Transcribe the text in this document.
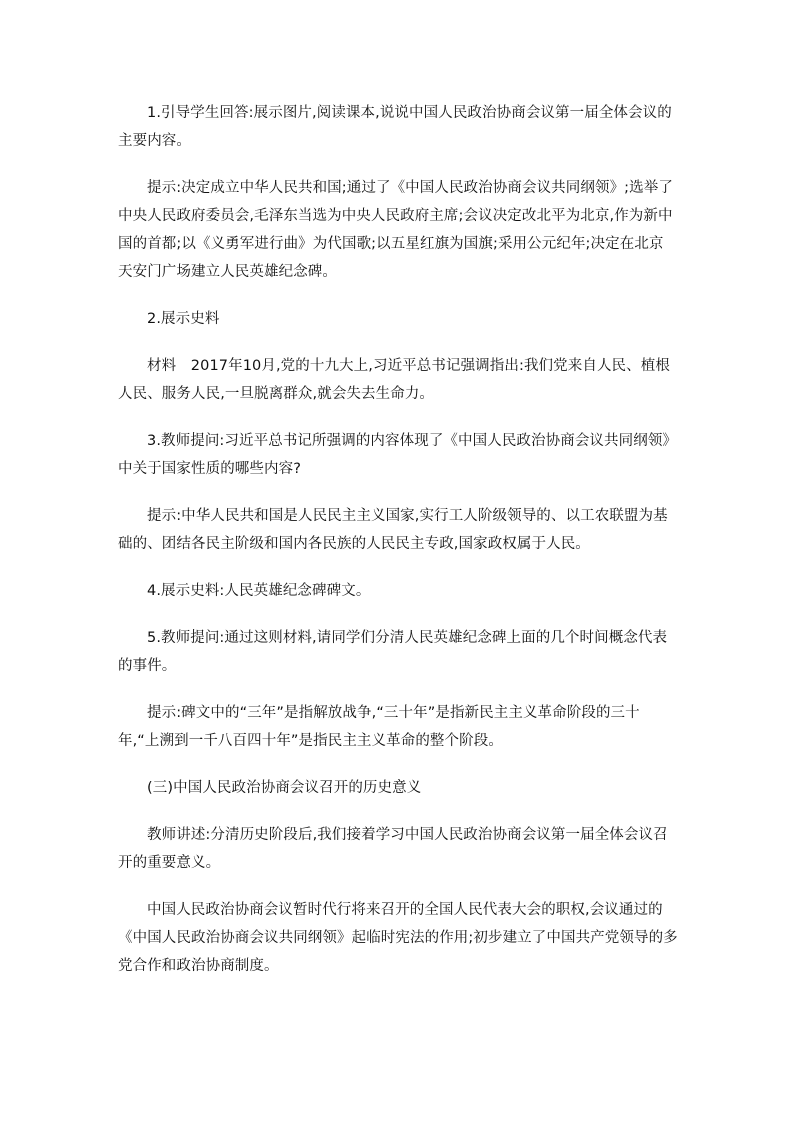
1.引导学生回答:展示图片,阅读课本,说说中国人民政治协商会议第一届全体会议的主要内容。

提示:决定成立中华人民共和国;通过了《中国人民政治协商会议共同纲领》;选举了中央人民政府委员会,毛泽东当选为中央人民政府主席;会议决定改北平为北京,作为新中国的首都;以《义勇军进行曲》为代国歌;以五星红旗为国旗;采用公元纪年;决定在北京天安门广场建立人民英雄纪念碑。

2.展示史料

材料　2017年10月,党的十九大上,习近平总书记强调指出:我们党来自人民、植根人民、服务人民,一旦脱离群众,就会失去生命力。

3.教师提问:习近平总书记所强调的内容体现了《中国人民政治协商会议共同纲领》中关于国家性质的哪些内容?

提示:中华人民共和国是人民民主主义国家,实行工人阶级领导的、以工农联盟为基础的、团结各民主阶级和国内各民族的人民民主专政,国家政权属于人民。

4.展示史料:人民英雄纪念碑碑文。

5.教师提问:通过这则材料,请同学们分清人民英雄纪念碑上面的几个时间概念代表的事件。

提示:碑文中的“三年”是指解放战争,“三十年”是指新民主主义革命阶段的三十年,“上溯到一千八百四十年”是指民主主义革命的整个阶段。

(三)中国人民政治协商会议召开的历史意义

教师讲述:分清历史阶段后,我们接着学习中国人民政治协商会议第一届全体会议召开的重要意义。

中国人民政治协商会议暂时代行将来召开的全国人民代表大会的职权,会议通过的《中国人民政治协商会议共同纲领》起临时宪法的作用;初步建立了中国共产党领导的多党合作和政治协商制度。
